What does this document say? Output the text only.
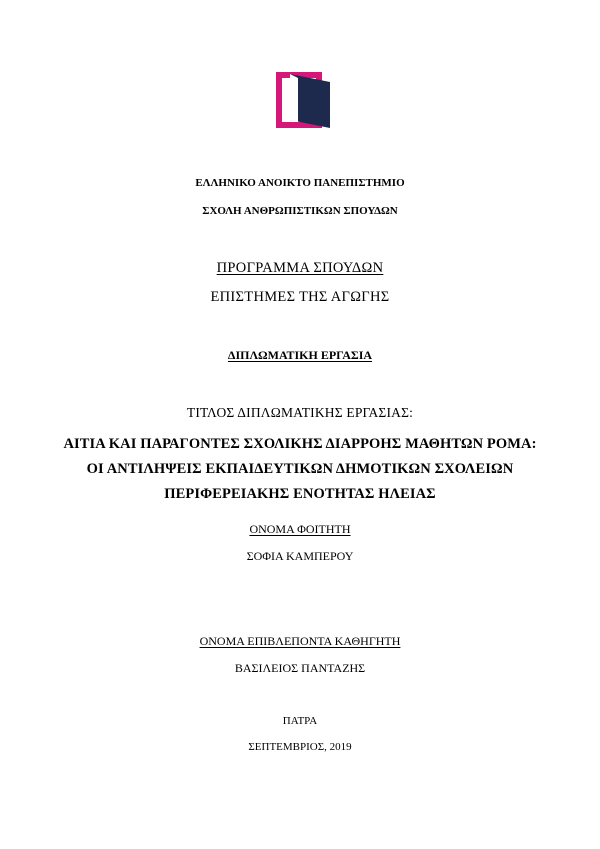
ΕΛΛΗΝΙΚΟ ΑΝΟΙΚΤΟ ΠΑΝΕΠΙΣΤΗΜΙΟ

ΣΧΟΛΗ ΑΝΘΡΩΠΙΣΤΙΚΩΝ ΣΠΟΥΔΩΝ

ΠΡΟΓΡΑΜΜΑ ΣΠΟΥΔΩΝ

ΕΠΙΣΤΗΜΕΣ ΤΗΣ ΑΓΩΓΗΣ

ΔΙΠΛΩΜΑΤΙΚΗ ΕΡΓΑΣΙΑ

ΤΙΤΛΟΣ ΔΙΠΛΩΜΑΤΙΚΗΣ ΕΡΓΑΣΙΑΣ:

ΑΙΤΙΑ ΚΑΙ ΠΑΡΑΓΟΝΤΕΣ ΣΧΟΛΙΚΗΣ ΔΙΑΡΡΟΗΣ ΜΑΘΗΤΩΝ ΡΟΜΑ:

ΟΙ ΑΝΤΙΛΗΨΕΙΣ ΕΚΠΑΙΔΕΥΤΙΚΩΝ ΔΗΜΟΤΙΚΩΝ ΣΧΟΛΕΙΩΝ

ΠΕΡΙΦΕΡΕΙΑΚΗΣ ΕΝΟΤΗΤΑΣ ΗΛΕΙΑΣ

ΟΝΟΜΑ ΦΟΙΤΗΤΗ

ΣΟΦΙΑ ΚΑΜΠΕΡΟΥ

ΟΝΟΜΑ ΕΠΙΒΛΕΠΟΝΤΑ ΚΑΘΗΓΗΤΗ

ΒΑΣΙΛΕΙΟΣ ΠΑΝΤΑΖΗΣ

ΠΑΤΡΑ

ΣΕΠΤΕΜΒΡΙΟΣ, 2019
